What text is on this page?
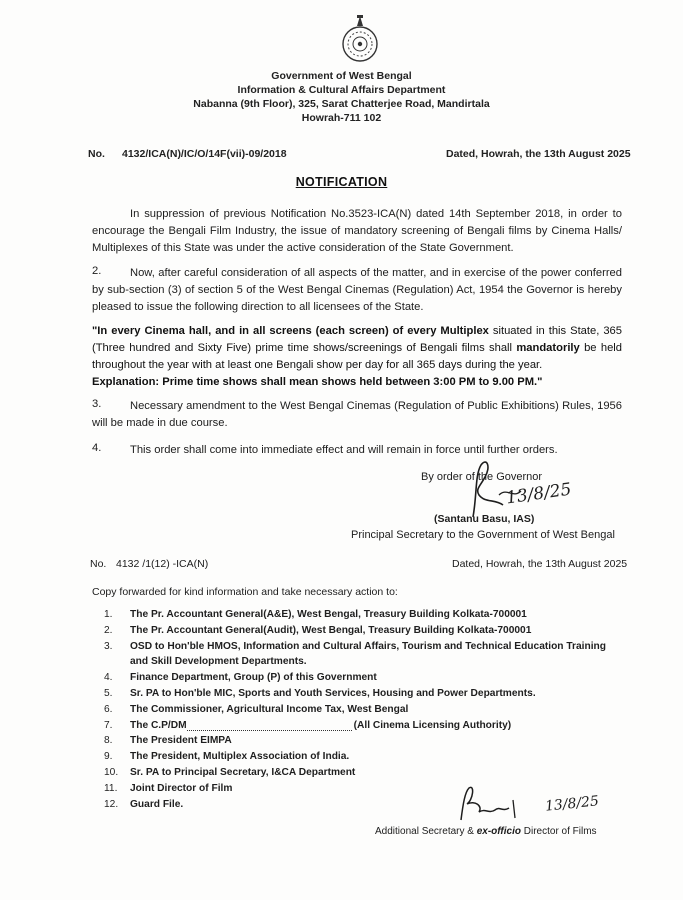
Government of West Bengal
Information & Cultural Affairs Department
Nabanna (9th Floor), 325, Sarat Chatterjee Road, Mandirtala
Howrah-711 102
No. 4132/ICA(N)/IC/O/14F(vii)-09/2018	Dated, Howrah, the 13th August 2025
NOTIFICATION
In suppression of previous Notification No.3523-ICA(N) dated 14th September 2018, in order to encourage the Bengali Film Industry, the issue of mandatory screening of Bengali films by Cinema Halls/ Multiplexes of this State was under the active consideration of the State Government.
2.	Now, after careful consideration of all aspects of the matter, and in exercise of the power conferred by sub-section (3) of section 5 of the West Bengal Cinemas (Regulation) Act, 1954 the Governor is hereby pleased to issue the following direction to all licensees of the State.
"In every Cinema hall, and in all screens (each screen) of every Multiplex situated in this State, 365 (Three hundred and Sixty Five) prime time shows/screenings of Bengali films shall mandatorily be held throughout the year with at least one Bengali show per day for all 365 days during the year.
Explanation: Prime time shows shall mean shows held between 3:00 PM to 9.00 PM."
3.	Necessary amendment to the West Bengal Cinemas (Regulation of Public Exhibitions) Rules, 1956 will be made in due course.
4.	This order shall come into immediate effect and will remain in force until further orders.
By order of the Governor
13/8/25
(Santanu Basu, IAS)
Principal Secretary to the Government of West Bengal
No. 4132 /1(12) -ICA(N)	Dated, Howrah, the 13th August 2025
Copy forwarded for kind information and take necessary action to:
1. The Pr. Accountant General(A&E), West Bengal, Treasury Building Kolkata-700001
2. The Pr. Accountant General(Audit), West Bengal, Treasury Building Kolkata-700001
3. OSD to Hon'ble HMOS, Information and Cultural Affairs, Tourism and Technical Education Training and Skill Development Departments.
4. Finance Department, Group (P) of this Government
5. Sr. PA to Hon'ble MIC, Sports and Youth Services, Housing and Power Departments.
6. The Commissioner, Agricultural Income Tax, West Bengal
7. The C.P/DM	(All Cinema Licensing Authority)
8. The President EIMPA
9. The President, Multiplex Association of India.
10. Sr. PA to Principal Secretary, I&CA Department
11. Joint Director of Film
12. Guard File.	13/8/25
Additional Secretary & ex-officio Director of Films
